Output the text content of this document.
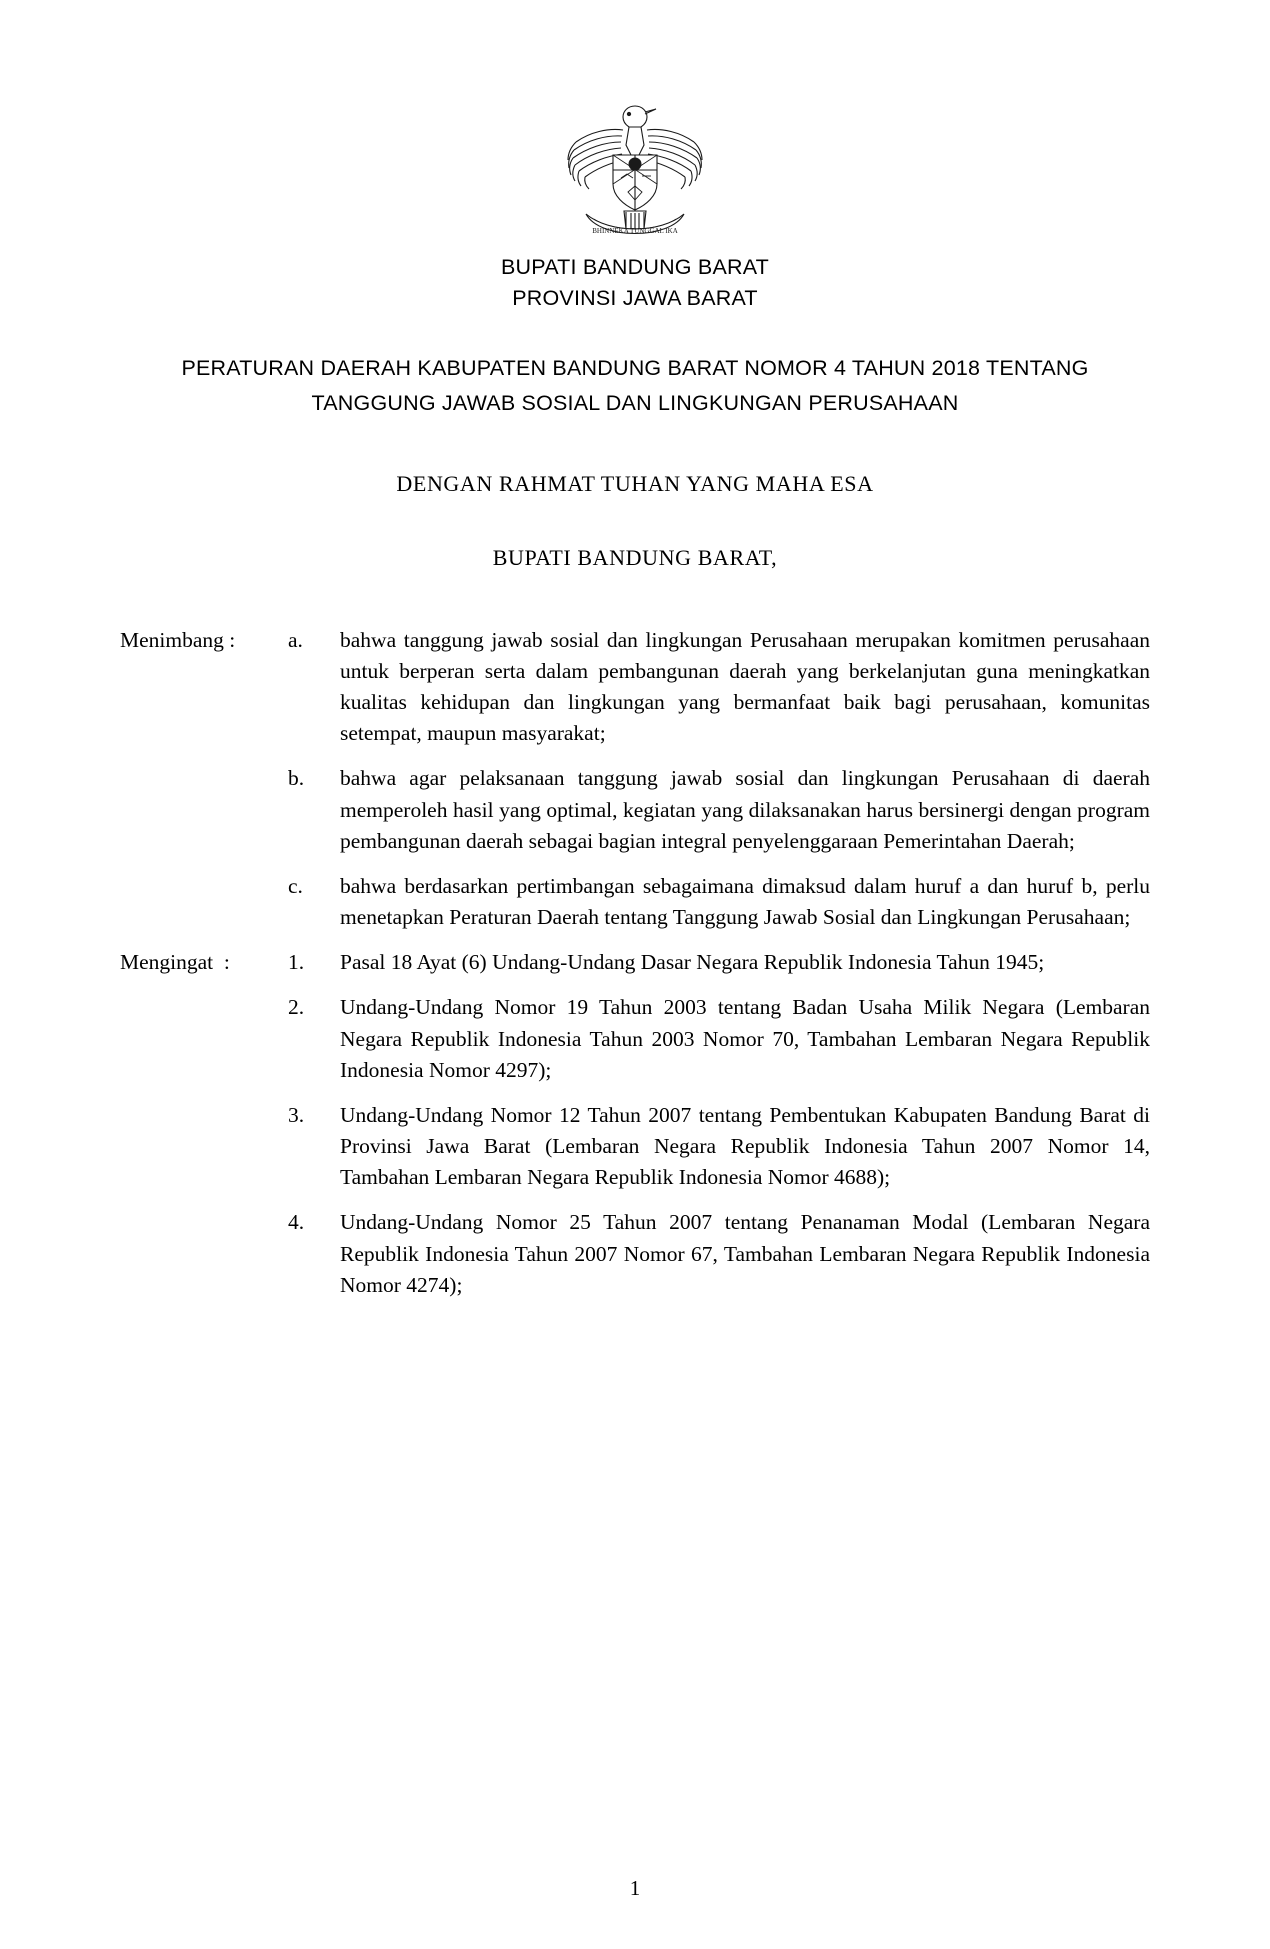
BHINNEKA TUNGGAL IKA
BUPATI BANDUNG BARAT
PROVINSI JAWA BARAT
PERATURAN DAERAH KABUPATEN BANDUNG BARAT NOMOR 4 TAHUN 2018 TENTANG TANGGUNG JAWAB SOSIAL DAN LINGKUNGAN PERUSAHAAN
DENGAN RAHMAT TUHAN YANG MAHA ESA
BUPATI BANDUNG BARAT,
Menimbang :	a.	bahwa tanggung jawab sosial dan lingkungan Perusahaan merupakan komitmen perusahaan untuk berperan serta dalam pembangunan daerah yang berkelanjutan guna meningkatkan kualitas kehidupan dan lingkungan yang bermanfaat baik bagi perusahaan, komunitas setempat, maupun masyarakat;
b.	bahwa agar pelaksanaan tanggung jawab sosial dan lingkungan Perusahaan di daerah memperoleh hasil yang optimal, kegiatan yang dilaksanakan harus bersinergi dengan program pembangunan daerah sebagai bagian integral penyelenggaraan Pemerintahan Daerah;
c.	bahwa berdasarkan pertimbangan sebagaimana dimaksud dalam huruf a dan huruf b, perlu menetapkan Peraturan Daerah tentang Tanggung Jawab Sosial dan Lingkungan Perusahaan;
Mengingat  :	1.	Pasal 18 Ayat (6) Undang-Undang Dasar Negara Republik Indonesia Tahun 1945;
2.	Undang-Undang Nomor 19 Tahun 2003 tentang Badan Usaha Milik Negara (Lembaran Negara Republik Indonesia Tahun 2003 Nomor 70, Tambahan Lembaran Negara Republik Indonesia Nomor 4297);
3.	Undang-Undang Nomor 12 Tahun 2007 tentang Pembentukan Kabupaten Bandung Barat di Provinsi Jawa Barat (Lembaran Negara Republik Indonesia Tahun 2007 Nomor 14, Tambahan Lembaran Negara Republik Indonesia Nomor 4688);
4.	Undang-Undang Nomor 25 Tahun 2007 tentang Penanaman Modal (Lembaran Negara Republik Indonesia Tahun 2007 Nomor 67, Tambahan Lembaran Negara Republik Indonesia Nomor 4274);
1
